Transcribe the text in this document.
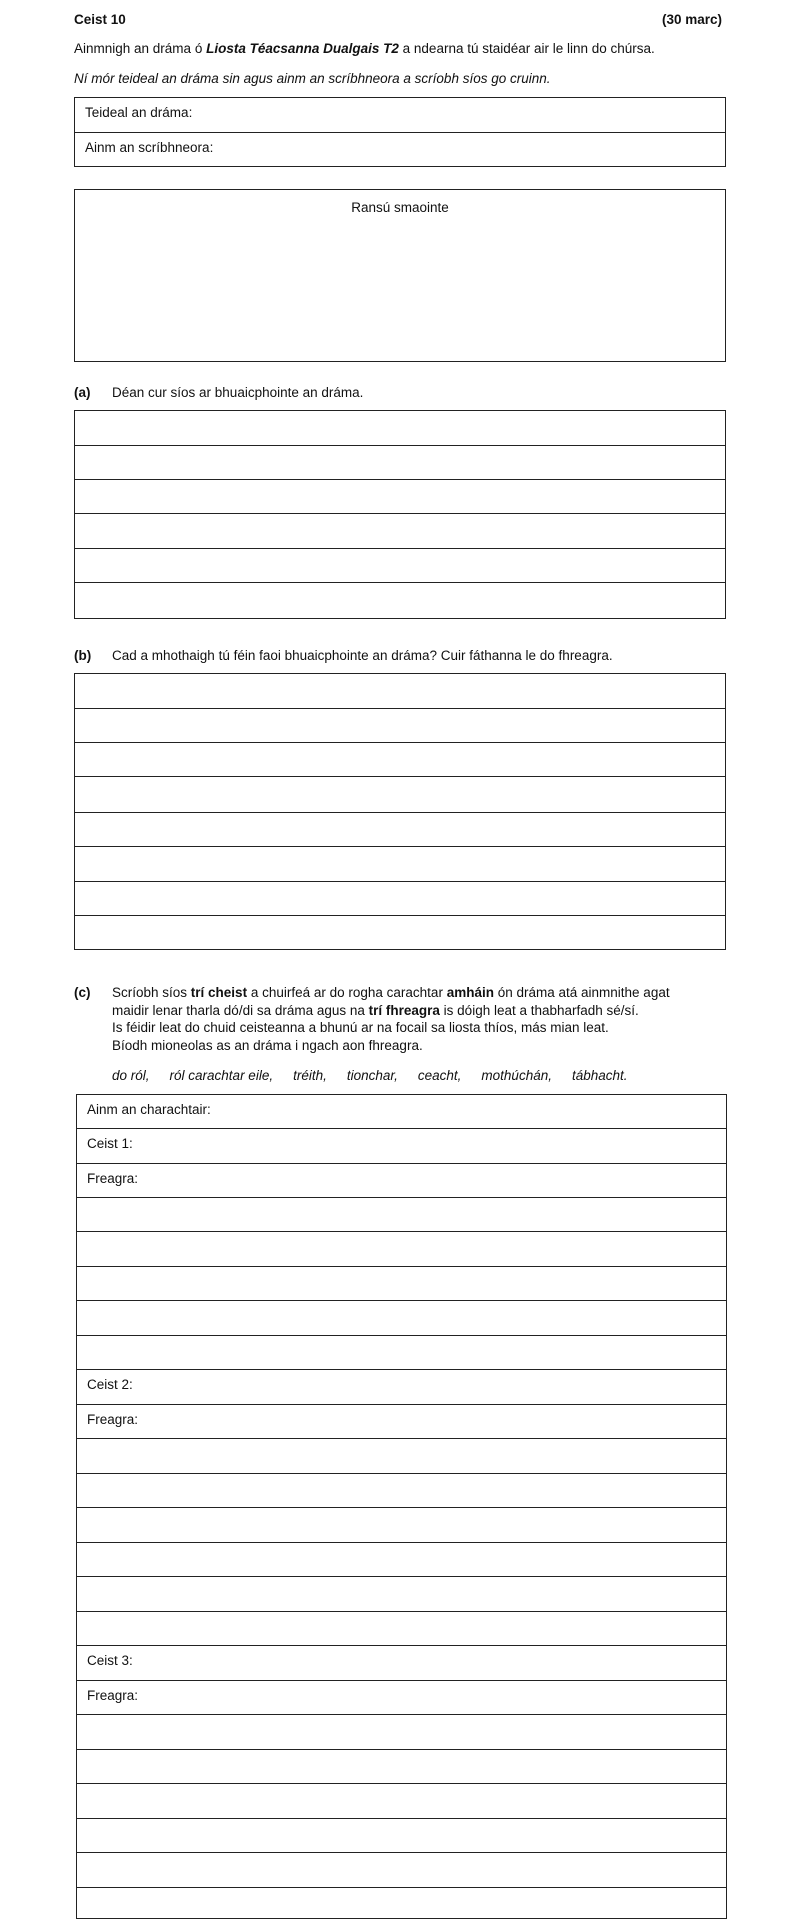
Ceist 10	(30 marc)
Ainmnigh an dráma ó Liosta Téacsanna Dualgais T2 a ndearna tú staidéar air le linn do chúrsa.
Ní mór teideal an dráma sin agus ainm an scríbhneora a scríobh síos go cruinn.
Teideal an dráma:
Ainm an scríbhneora:
Ransú smaointe
(a) Déan cur síos ar bhuaicphointe an dráma.
(b) Cad a mhothaigh tú féin faoi bhuaicphointe an dráma? Cuir fáthanna le do fhreagra.
(c) Scríobh síos trí cheist a chuirfeá ar do rogha carachtar amháin ón dráma atá ainmnithe agat
maidir lenar tharla dó/di sa dráma agus na trí fhreagra is dóigh leat a thabharfadh sé/sí.
Is féidir leat do chuid ceisteanna a bhunú ar na focail sa liosta thíos, más mian leat.
Bíodh mioneolas as an dráma i ngach aon fhreagra.
do ról, ról carachtar eile, tréith, tionchar, ceacht, mothúchán, tábhacht.
Ainm an charachtair:
Ceist 1:
Freagra:
Ceist 2:
Freagra:
Ceist 3:
Freagra:
